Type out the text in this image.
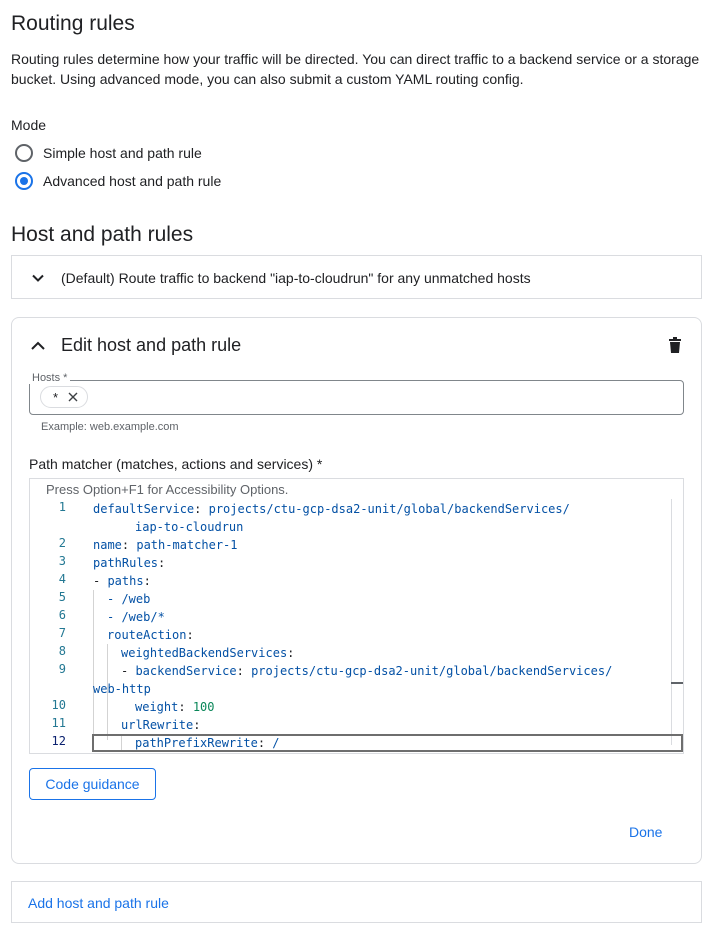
Routing rules
Routing rules determine how your traffic will be directed. You can direct traffic to a backend service or a storage bucket. Using advanced mode, you can also submit a custom YAML routing config.
Mode
Simple host and path rule
Advanced host and path rule
Host and path rules
(Default) Route traffic to backend "iap-to-cloudrun" for any unmatched hosts
Edit host and path rule
Hosts *
*
Example: web.example.com
Path matcher (matches, actions and services) *
Press Option+F1 for Accessibility Options.
1
2
3
4
5
6
7
8
9
10
11
12
defaultService: projects/ctu-gcp-dsa2-unit/global/backendServices/
iap-to-cloudrun
name: path-matcher-1
pathRules:
- paths:
- /web
- /web/*
routeAction:
weightedBackendServices:
- backendService: projects/ctu-gcp-dsa2-unit/global/backendServices/
web-http
weight: 100
urlRewrite:
pathPrefixRewrite: /
Code guidance
Done
Add host and path rule
